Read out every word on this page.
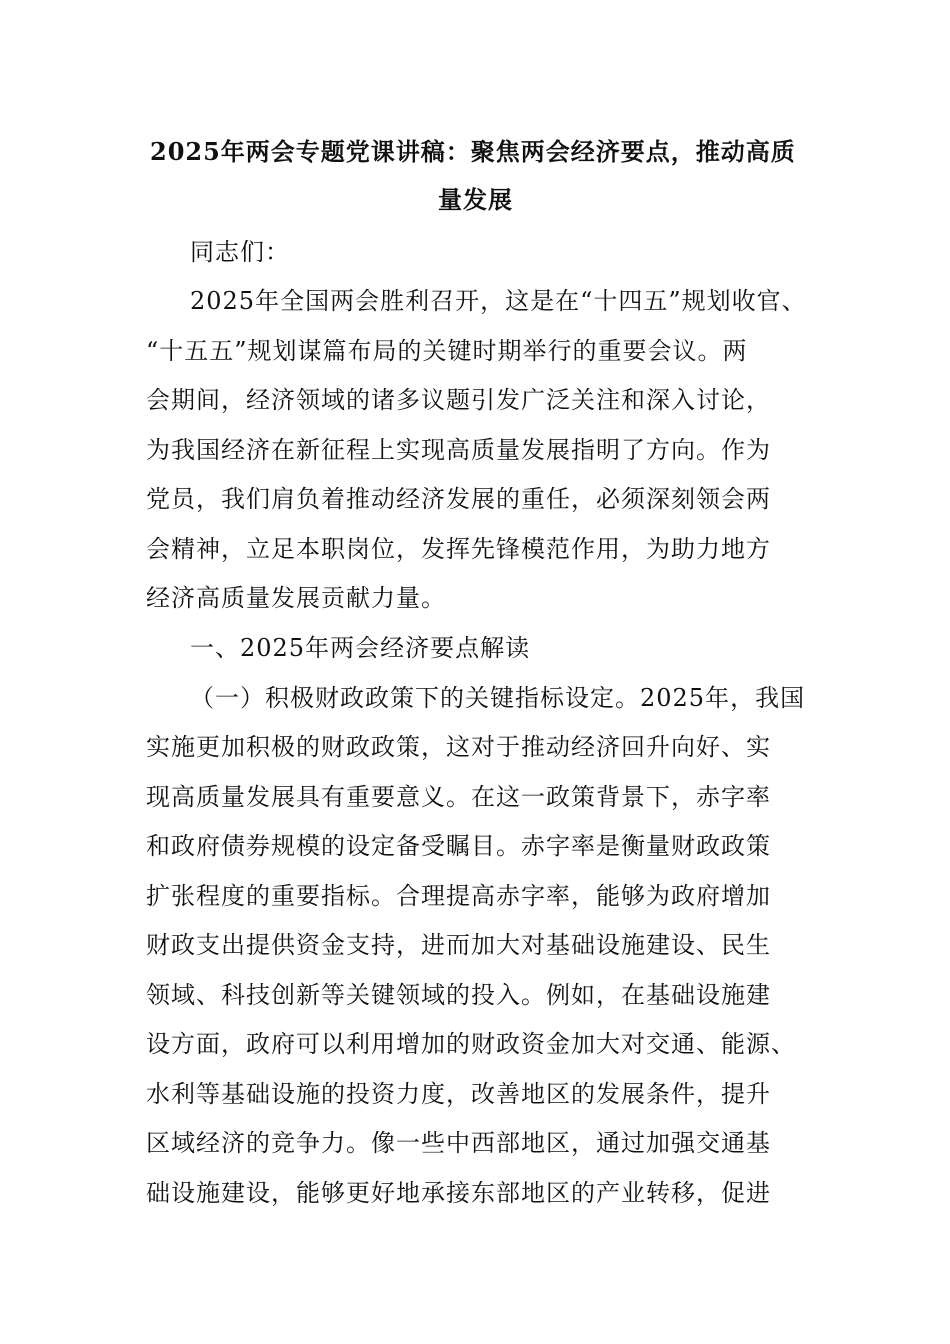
2025年两会专题党课讲稿：聚焦两会经济要点，推动高质
量发展
同志们：
2025年全国两会胜利召开，这是在“十四五”规划收官、
“十五五”规划谋篇布局的关键时期举行的重要会议。两
会期间，经济领域的诸多议题引发广泛关注和深入讨论，
为我国经济在新征程上实现高质量发展指明了方向。作为
党员，我们肩负着推动经济发展的重任，必须深刻领会两
会精神，立足本职岗位，发挥先锋模范作用，为助力地方
经济高质量发展贡献力量。
一、2025年两会经济要点解读
（一）积极财政政策下的关键指标设定。2025年，我国
实施更加积极的财政政策，这对于推动经济回升向好、实
现高质量发展具有重要意义。在这一政策背景下，赤字率
和政府债券规模的设定备受瞩目。赤字率是衡量财政政策
扩张程度的重要指标。合理提高赤字率，能够为政府增加
财政支出提供资金支持，进而加大对基础设施建设、民生
领域、科技创新等关键领域的投入。例如，在基础设施建
设方面，政府可以利用增加的财政资金加大对交通、能源、
水利等基础设施的投资力度，改善地区的发展条件，提升
区域经济的竞争力。像一些中西部地区，通过加强交通基
础设施建设，能够更好地承接东部地区的产业转移，促进
